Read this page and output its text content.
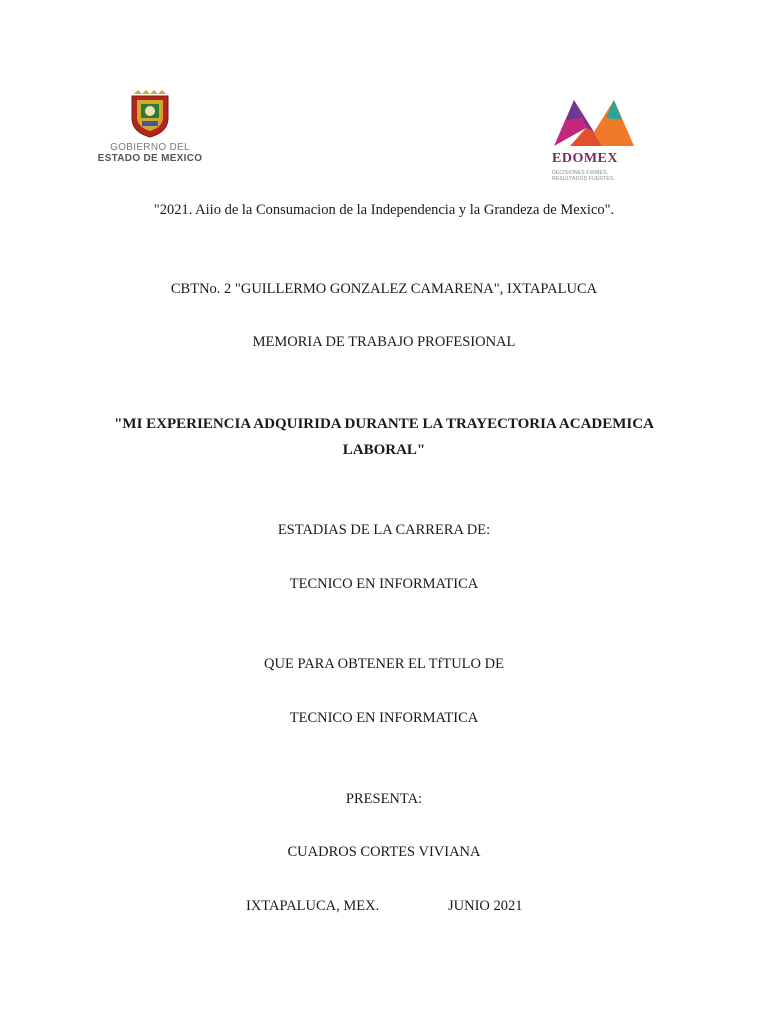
GOBIERNO DEL
ESTADO DE MEXICO	EDOMEX
DECISIONES FIRMES,
RESULTADOS FUERTES.
"2021. Aiio de la Consumacion de la Independencia y la Grandeza de Mexico".
CBTNo. 2 "GUILLERMO GONZALEZ CAMARENA", IXTAPALUCA
MEMORIA DE TRABAJO PROFESIONAL
"MI EXPERIENCIA ADQUIRIDA DURANTE LA TRAYECTORIA ACADEMICA
LABORAL"
ESTADIAS DE LA CARRERA DE:
TECNICO EN INFORMATICA
QUE PARA OBTENER EL TfTULO DE
TECNICO EN INFORMATICA
PRESENTA:
CUADROS CORTES VIVIANA
IXTAPALUCA, MEX.	JUNIO 2021
